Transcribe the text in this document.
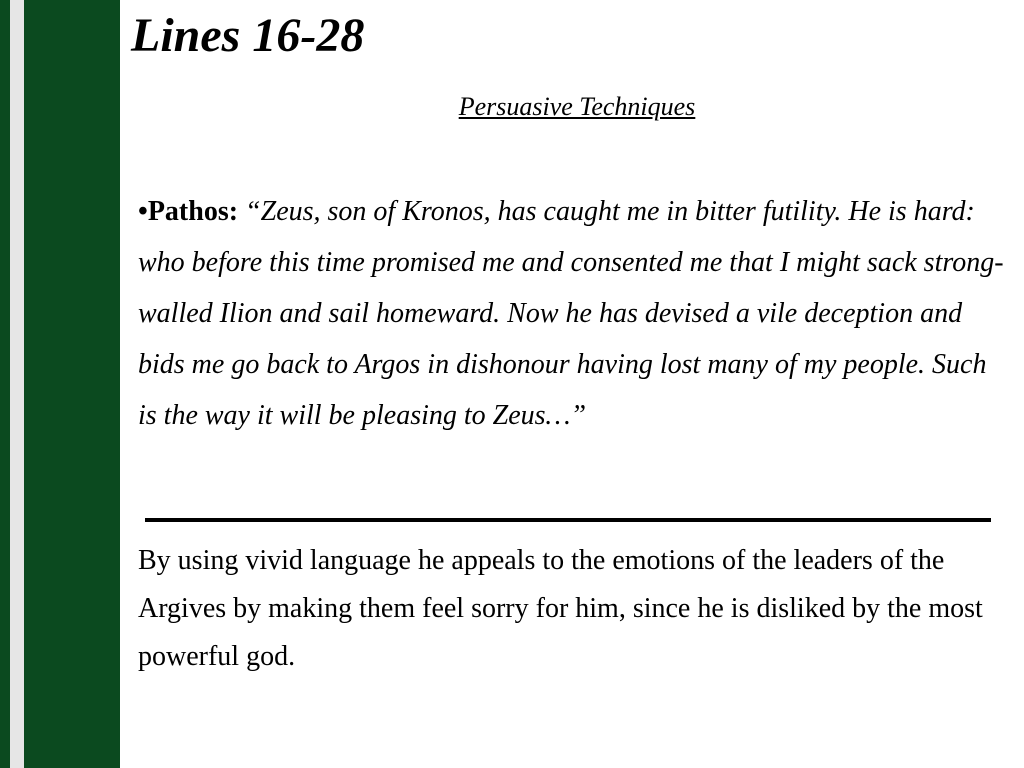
Lines 16-28
Persuasive Techniques

•Pathos: “Zeus, son of Kronos, has caught me in bitter futility. He is hard: who before this time promised me and consented me that I might sack strong-walled Ilion and sail homeward. Now he has devised a vile deception and bids me go back to Argos in dishonour having lost many of my people. Such is the way it will be pleasing to Zeus…”

By using vivid language he appeals to the emotions of the leaders of the Argives by making them feel sorry for him, since he is disliked by the most powerful god.
